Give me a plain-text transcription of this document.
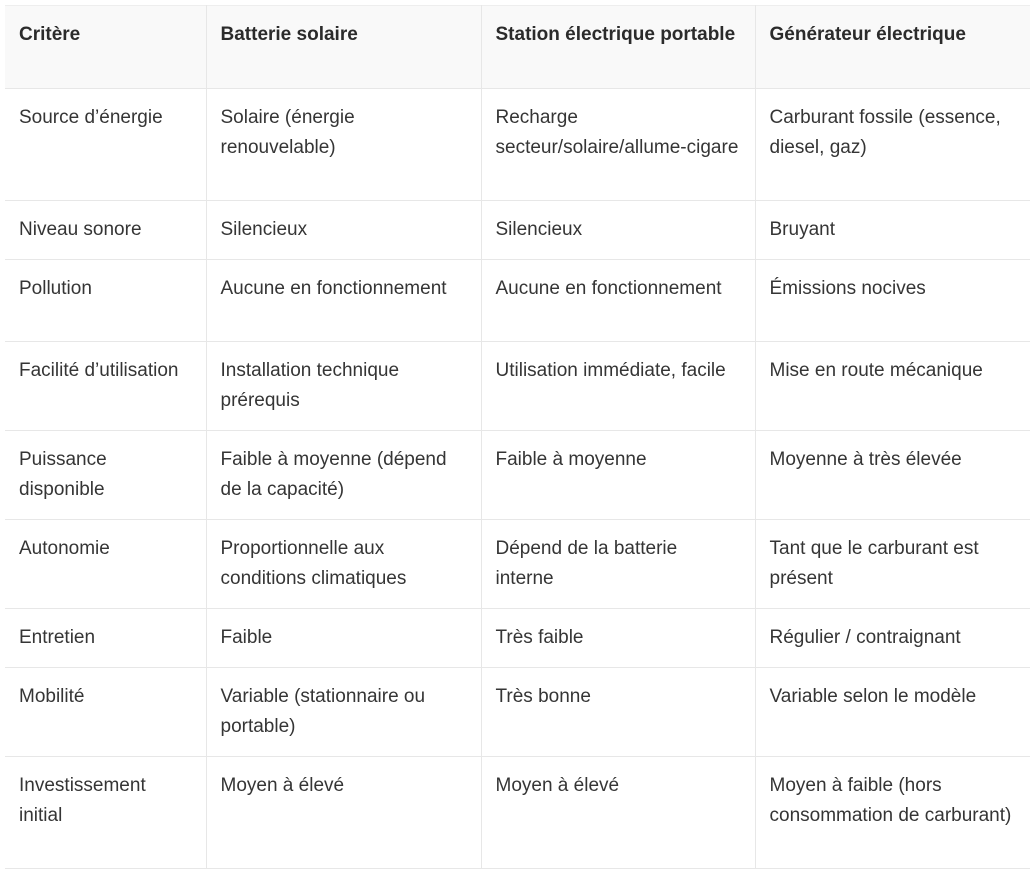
Critère	Batterie solaire	Station électrique portable	Générateur électrique
Source d’énergie	Solaire (énergie renouvelable)	Recharge secteur/solaire/allume-cigare	Carburant fossile (essence, diesel, gaz)
Niveau sonore	Silencieux	Silencieux	Bruyant
Pollution	Aucune en fonctionnement	Aucune en fonctionnement	Émissions nocives
Facilité d’utilisation	Installation technique prérequis	Utilisation immédiate, facile	Mise en route mécanique
Puissance disponible	Faible à moyenne (dépend de la capacité)	Faible à moyenne	Moyenne à très élevée
Autonomie	Proportionnelle aux conditions climatiques	Dépend de la batterie interne	Tant que le carburant est présent
Entretien	Faible	Très faible	Régulier / contraignant
Mobilité	Variable (stationnaire ou portable)	Très bonne	Variable selon le modèle
Investissement initial	Moyen à élevé	Moyen à élevé	Moyen à faible (hors consommation de carburant)
